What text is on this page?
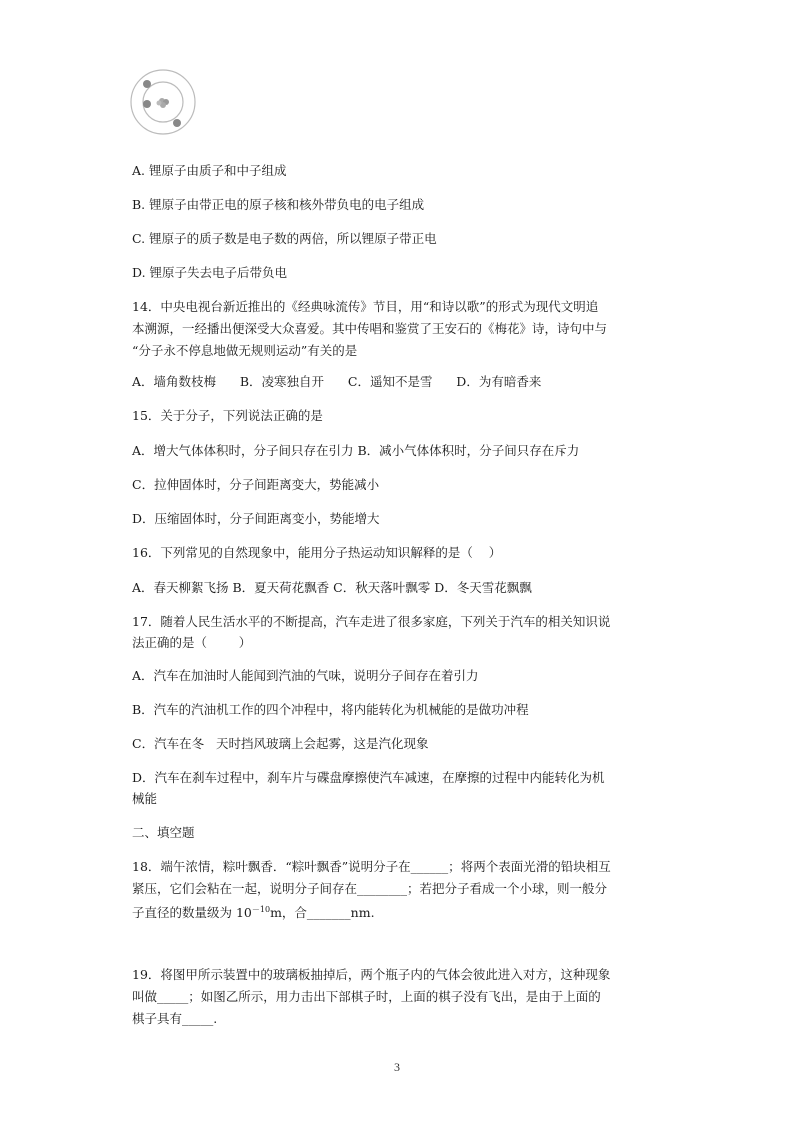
A. 锂原子由质子和中子组成
B. 锂原子由带正电的原子核和核外带负电的电子组成
C. 锂原子的质子数是电子数的两倍，所以锂原子带正电
D. 锂原子失去电子后带负电
14．中央电视台新近推出的《经典咏流传》节目，用“和诗以歌”的形式为现代文明追
本溯源，一经播出便深受大众喜爱。其中传唱和鉴赏了王安石的《梅花》诗，诗句中与
“分子永不停息地做无规则运动”有关的是
A．墙角数枝梅      B．凌寒独自开      C．遥知不是雪      D．为有暗香来
15．关于分子，下列说法正确的是
A．增大气体体积时，分子间只存在引力 B．减小气体体积时，分子间只存在斥力
C．拉伸固体时，分子间距离变大，势能减小
D．压缩固体时，分子间距离变小，势能增大
16．下列常见的自然现象中，能用分子热运动知识解释的是（    ）
A．春天柳絮飞扬 B．夏天荷花飘香 C．秋天落叶飘零 D．冬天雪花飘飘
17．随着人民生活水平的不断提高，汽车走进了很多家庭，下列关于汽车的相关知识说
法正确的是（        ）
A．汽车在加油时人能闻到汽油的气味，说明分子间存在着引力
B．汽车的汽油机工作的四个冲程中，将内能转化为机械能的是做功冲程
C．汽车在冬   天时挡风玻璃上会起雾，这是汽化现象
D．汽车在刹车过程中，刹车片与碟盘摩擦使汽车减速，在摩擦的过程中内能转化为机
械能
二、填空题
18．端午浓情，粽叶飘香．“粽叶飘香”说明分子在______；将两个表面光滑的铅块相互
紧压，它们会粘在一起，说明分子间存在________；若把分子看成一个小球，则一般分
子直径的数量级为 $10^{-10}m$，合_______nm.
19．将图甲所示装置中的玻璃板抽掉后，两个瓶子内的气体会彼此进入对方，这种现象
叫做_____；如图乙所示，用力击出下部棋子时，上面的棋子没有飞出，是由于上面的
棋子具有_____.
3
